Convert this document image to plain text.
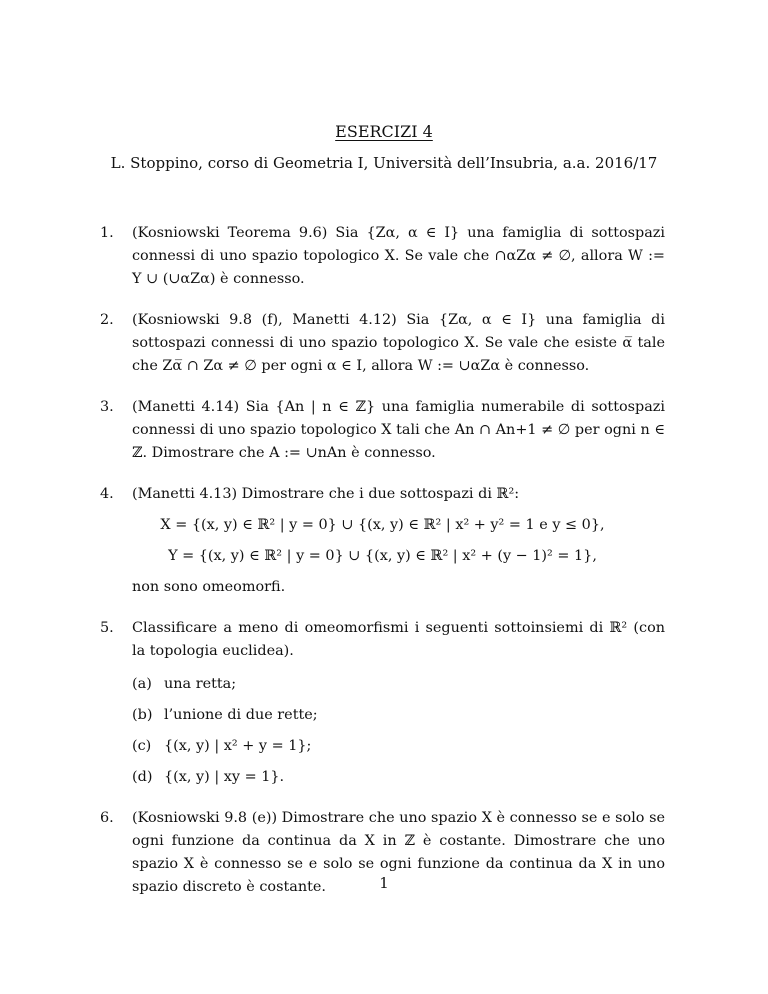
ESERCIZI 4
L. Stoppino, corso di Geometria I, Università dell’Insubria, a.a. 2016/17
1. (Kosniowski Teorema 9.6) Sia {Zα, α ∈ I} una famiglia di sottospazi connessi di uno spazio topologico X. Se vale che ∩αZα ≠ ∅, allora W := Y ∪ (∪αZα) è connesso.
2. (Kosniowski 9.8 (f), Manetti 4.12) Sia {Zα, α ∈ I} una famiglia di sottospazi connessi di uno spazio topologico X. Se vale che esiste α̅ tale che Zα̅ ∩ Zα ≠ ∅ per ogni α ∈ I, allora W := ∪αZα è connesso.
3. (Manetti 4.14) Sia {An | n ∈ ℤ} una famiglia numerabile di sottospazi connessi di uno spazio topologico X tali che An ∩ An+1 ≠ ∅ per ogni n ∈ ℤ. Dimostrare che A := ∪nAn è connesso.
4. (Manetti 4.13) Dimostrare che i due sottospazi di ℝ²:
X = {(x, y) ∈ ℝ² | y = 0} ∪ {(x, y) ∈ ℝ² | x² + y² = 1 e y ≤ 0},
Y = {(x, y) ∈ ℝ² | y = 0} ∪ {(x, y) ∈ ℝ² | x² + (y − 1)² = 1},
non sono omeomorfi.
5. Classificare a meno di omeomorfismi i seguenti sottoinsiemi di ℝ² (con la topologia euclidea).
(a) una retta;
(b) l’unione di due rette;
(c) {(x, y) | x² + y = 1};
(d) {(x, y) | xy = 1}.
6. (Kosniowski 9.8 (e)) Dimostrare che uno spazio X è connesso se e solo se ogni funzione da continua da X in ℤ è costante. Dimostrare che uno spazio X è connesso se e solo se ogni funzione da continua da X in uno spazio discreto è costante.	1
